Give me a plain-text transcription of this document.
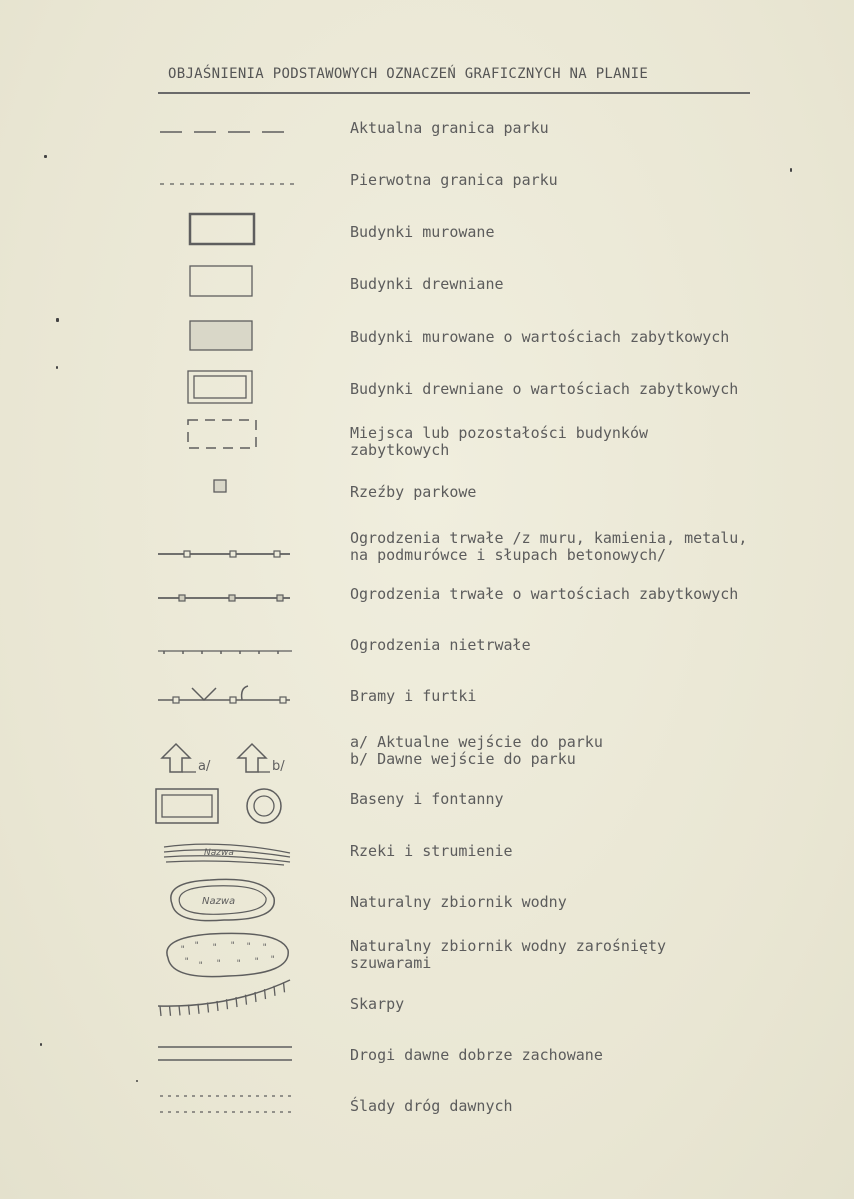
OBJAŚNIENIA PODSTAWOWYCH OZNACZEŃ GRAFICZNYCH NA PLANIE
Aktualna granica parku
Pierwotna granica parku
Budynki murowane
Budynki drewniane
Budynki murowane o wartościach zabytkowych
Budynki drewniane o wartościach zabytkowych
Miejsca lub pozostałości budynków
zabytkowych
Rzeźby parkowe
Ogrodzenia trwałe /z muru, kamienia, metalu,
na podmurówce i słupach betonowych/
Ogrodzenia trwałe o wartościach zabytkowych
Ogrodzenia nietrwałe
Bramy i furtki
a/	b/
a/ Aktualne wejście do parku
b/ Dawne wejście do parku
Baseny i fontanny
Nazwa	Rzeki i strumienie
Nazwa	Naturalny zbiornik wodny
" " " " " "
" " " " " "
Naturalny zbiornik wodny zarośnięty
szuwarami
Skarpy
Drogi dawne dobrze zachowane
Ślady dróg dawnych
